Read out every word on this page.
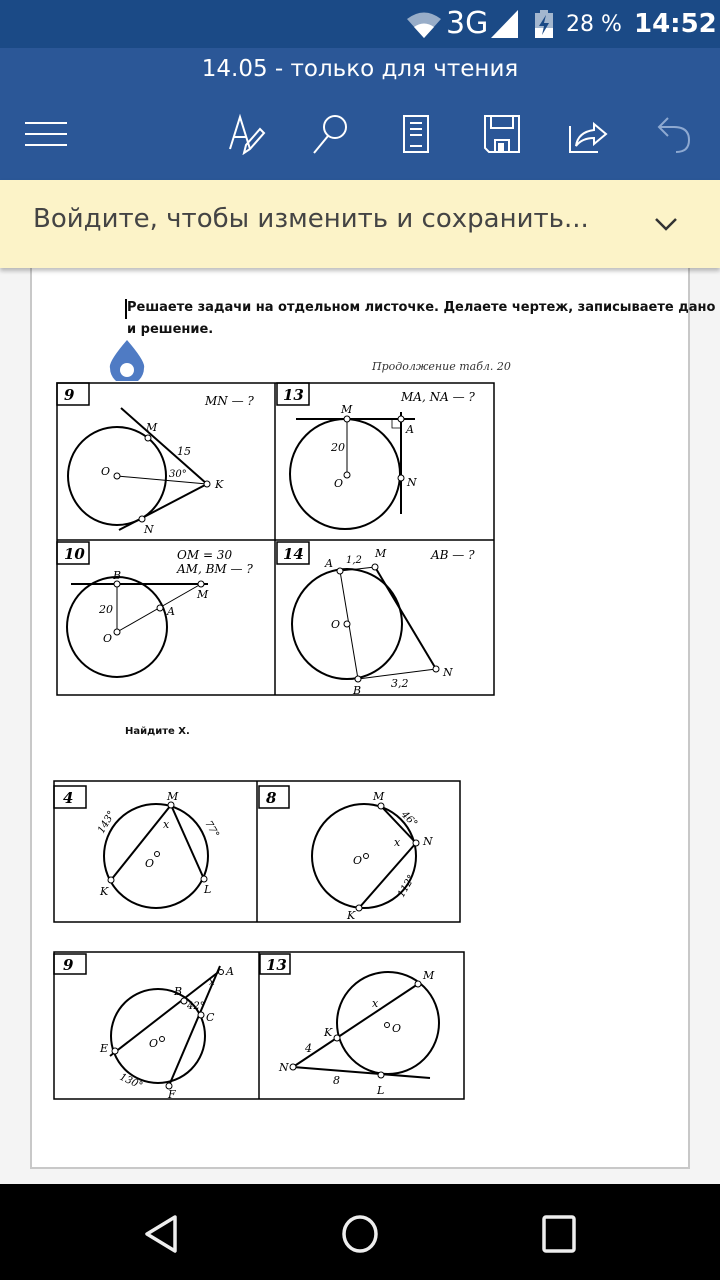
3G	28 % 14:52
14.05 - только для чтения
Войдите, чтобы изменить и сохранить...
Решаете задачи на отдельном листочке. Делаете чертеж, записываете дано
и решение.
Продолжение табл. 20
Найдите X.
9	MN — ?
M
15
O	30°
K
N
13	MA, NA — ?
M
A
20
O	N
10	OM = 30
AM, BM — ?
B
M
20	A
O
14	AB — ?
A 1,2
M
O
B
3,2
N
4	M
x
143°	77°
O
K	L
8	M
46°
x N
O
112°
K
9	A
x
B
42°
C
O
E
130°
F
13
M
x
O
K
4
N
8
L
